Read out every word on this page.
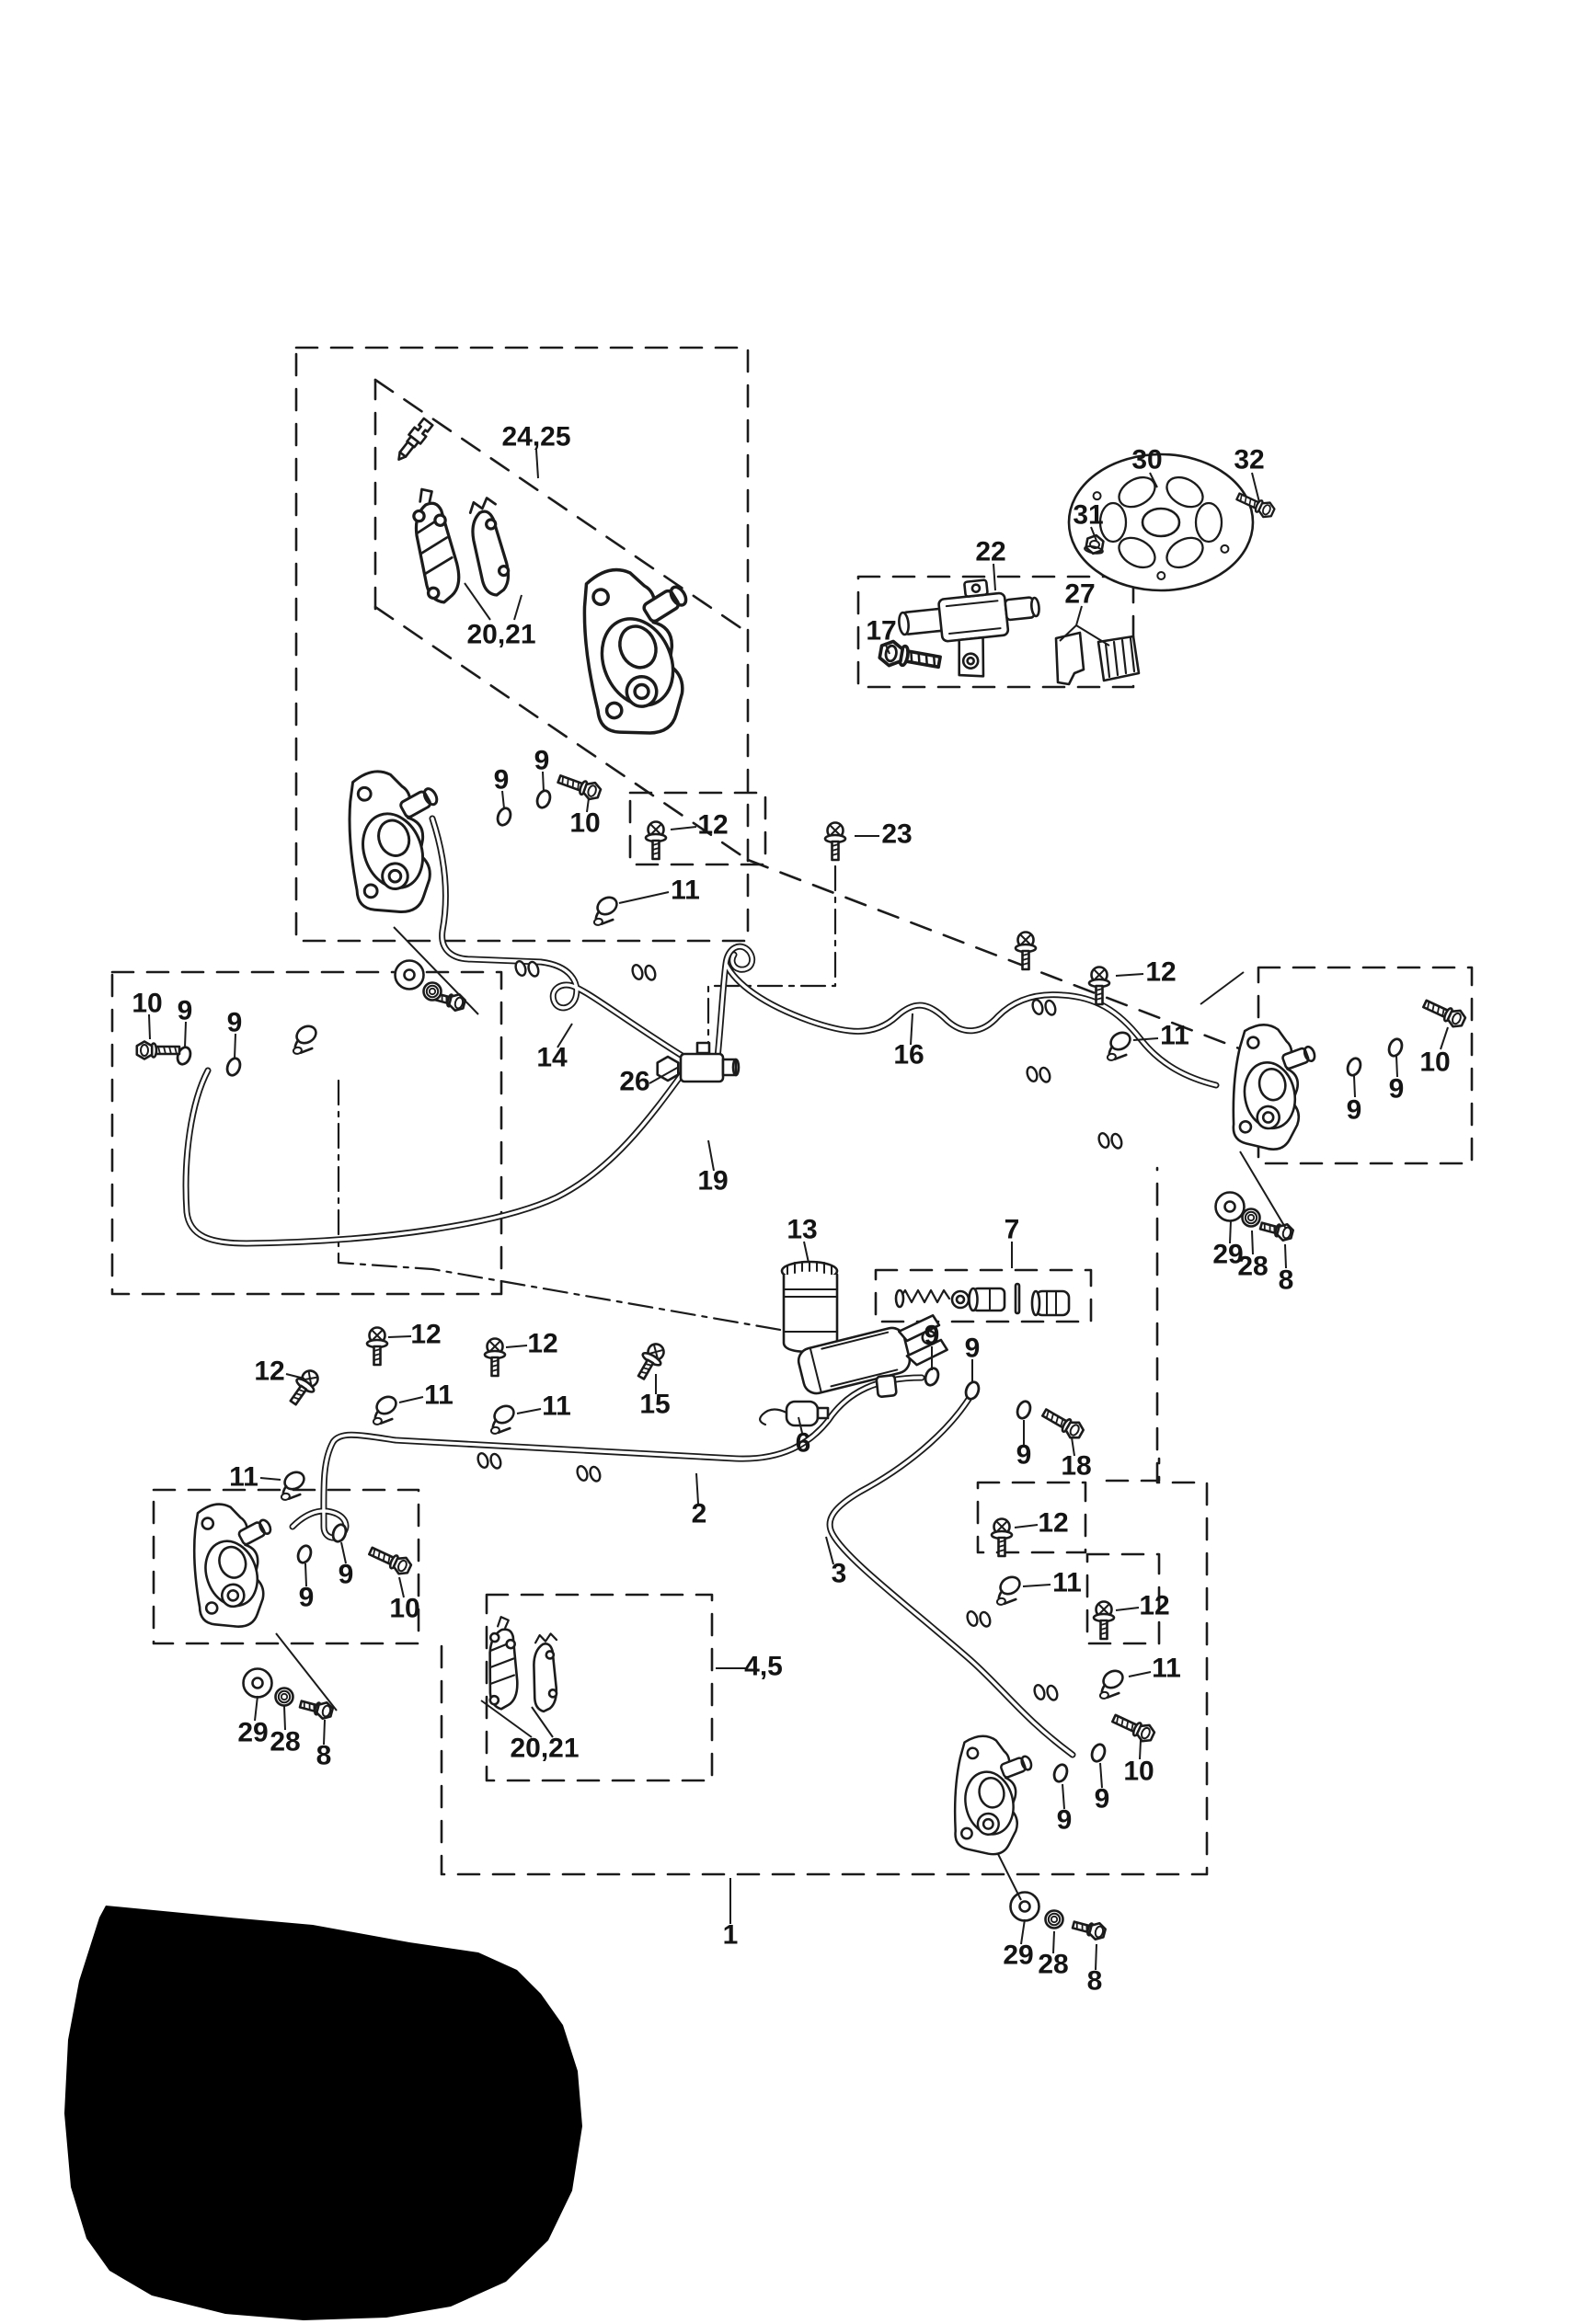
24,25
20,21
30	32
31
22
27
17
9
9
10	12	23
11
12
11
10
9
9
10 9 9
14
26
16
19
13	7
29
28 8
12	12
12
15
11	11
6
9 9
9 18
11
2
3
12
11
12
11
9
9
10
4,5
20,21
29 28 8
9
9
10
1
29 28
8
